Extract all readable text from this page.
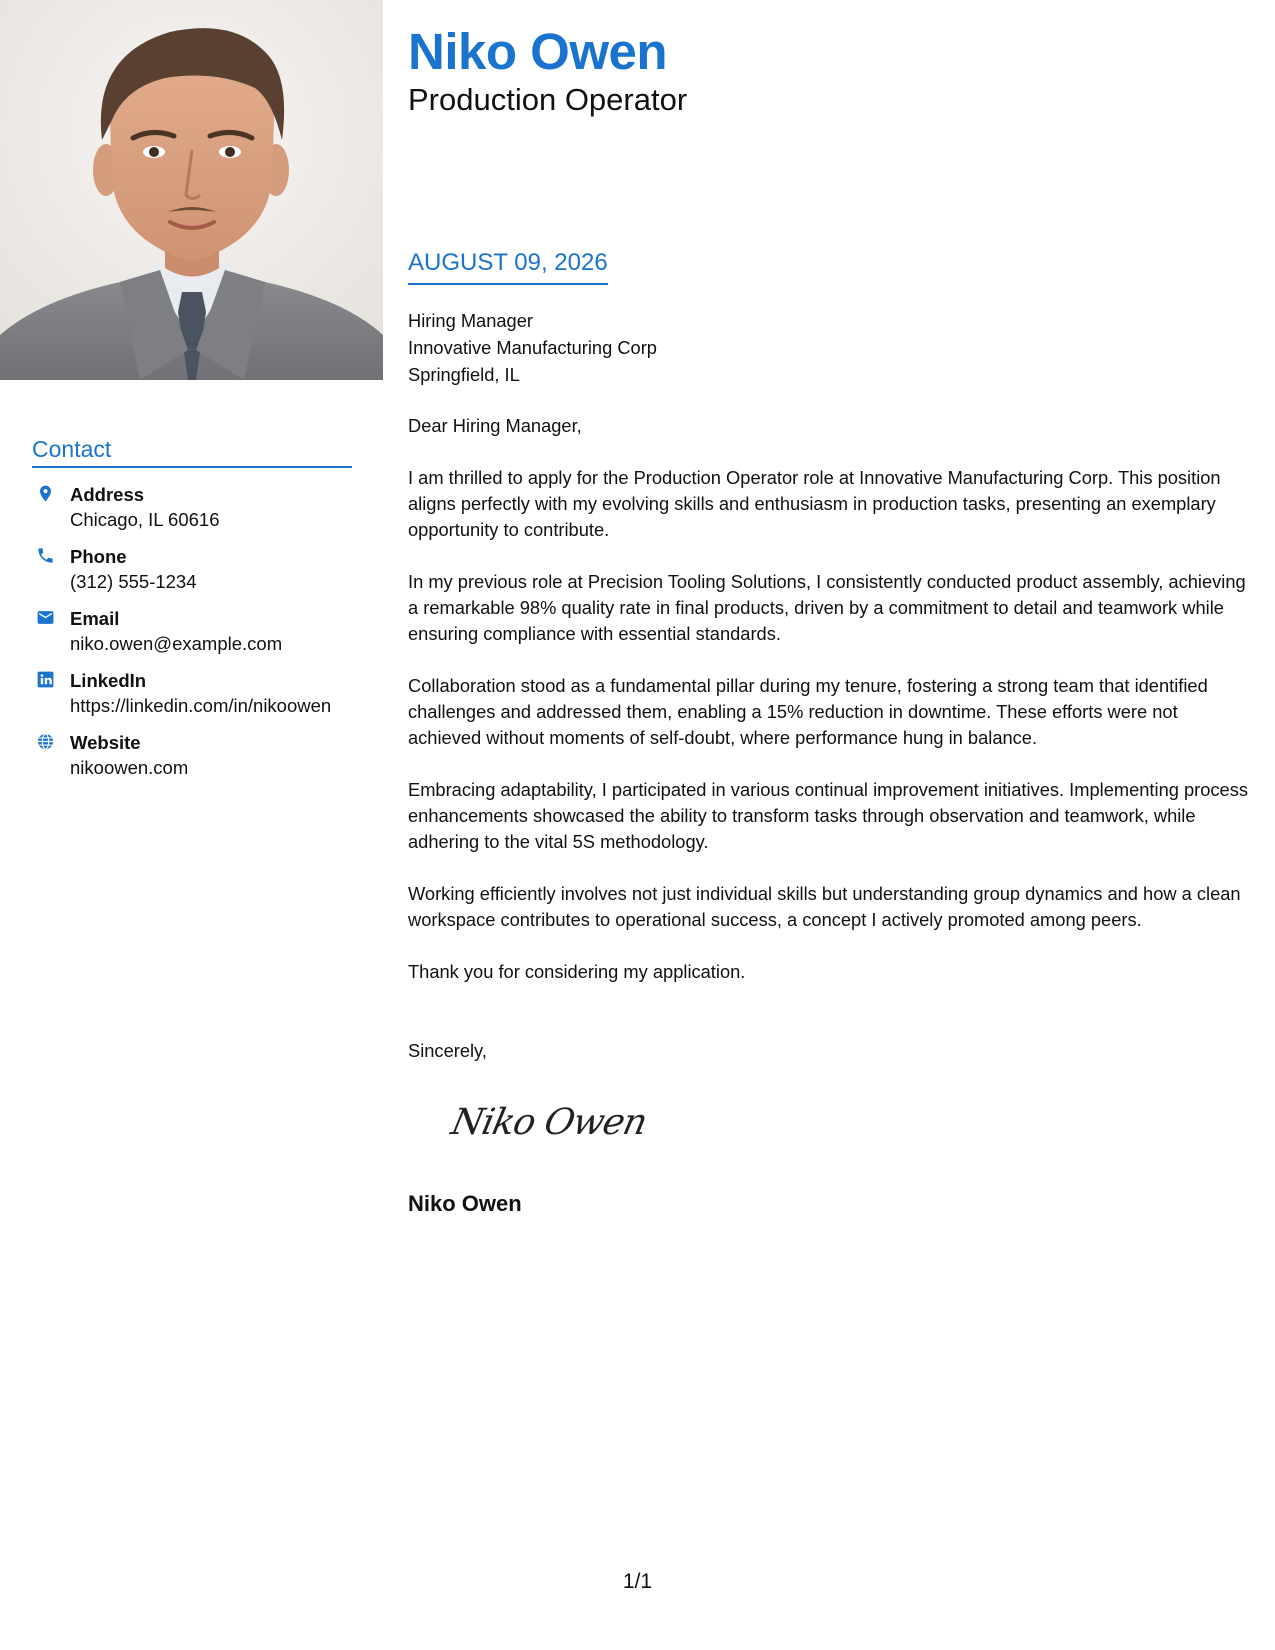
Niko Owen
Production Operator
Contact
Address
Chicago, IL 60616
Phone
(312) 555-1234
Email
niko.owen@example.com
LinkedIn
https://linkedin.com/in/nikoowen
Website
nikoowen.com
AUGUST 09, 2026
Hiring Manager
Innovative Manufacturing Corp
Springfield, IL
Dear Hiring Manager,
I am thrilled to apply for the Production Operator role at Innovative Manufacturing Corp. This position aligns perfectly with my evolving skills and enthusiasm in production tasks, presenting an exemplary opportunity to contribute.
In my previous role at Precision Tooling Solutions, I consistently conducted product assembly, achieving a remarkable 98% quality rate in final products, driven by a commitment to detail and teamwork while ensuring compliance with essential standards.
Collaboration stood as a fundamental pillar during my tenure, fostering a strong team that identified challenges and addressed them, enabling a 15% reduction in downtime. These efforts were not achieved without moments of self-doubt, where performance hung in balance.
Embracing adaptability, I participated in various continual improvement initiatives. Implementing process enhancements showcased the ability to transform tasks through observation and teamwork, while adhering to the vital 5S methodology.
Working efficiently involves not just individual skills but understanding group dynamics and how a clean workspace contributes to operational success, a concept I actively promoted among peers.
Thank you for considering my application.
Sincerely,
Niko Owen
Niko Owen
1/1
